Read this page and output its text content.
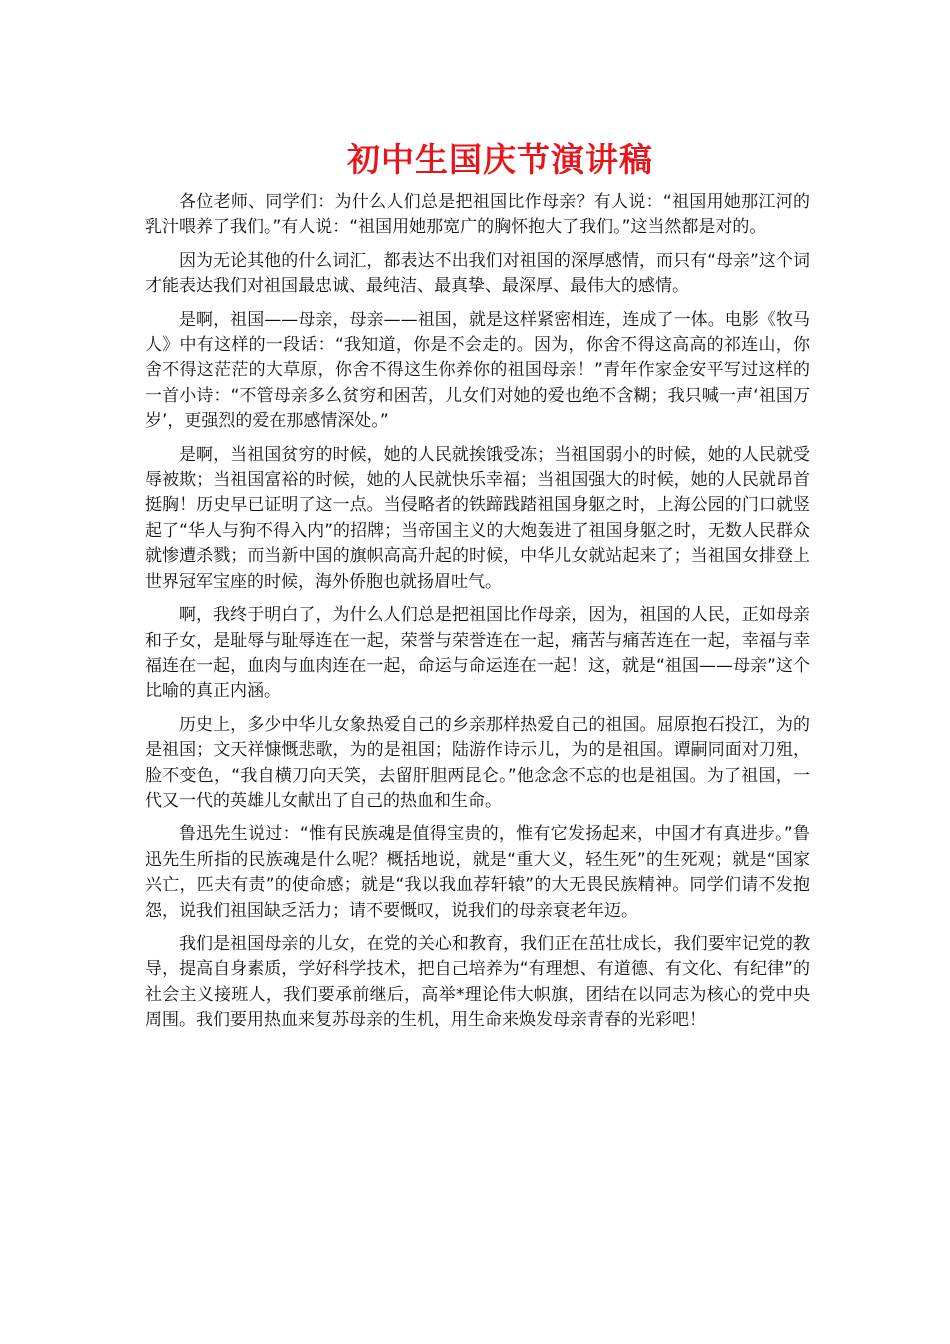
初中生国庆节演讲稿

各位老师、同学们：为什么人们总是把祖国比作母亲？有人说：“祖国用她那江河的乳汁喂养了我们。”有人说：“祖国用她那宽广的胸怀抱大了我们。”这当然都是对的。

因为无论其他的什么词汇，都表达不出我们对祖国的深厚感情，而只有“母亲”这个词才能表达我们对祖国最忠诚、最纯洁、最真挚、最深厚、最伟大的感情。

是啊，祖国——母亲，母亲——祖国，就是这样紧密相连，连成了一体。电影《牧马人》中有这样的一段话：“我知道，你是不会走的。因为，你舍不得这高高的祁连山，你舍不得这茫茫的大草原，你舍不得这生你养你的祖国母亲！”青年作家金安平写过这样的一首小诗：“不管母亲多么贫穷和困苦，儿女们对她的爱也绝不含糊；我只喊一声‘祖国万岁’，更强烈的爱在那感情深处。”

是啊，当祖国贫穷的时候，她的人民就挨饿受冻；当祖国弱小的时候，她的人民就受辱被欺；当祖国富裕的时候，她的人民就快乐幸福；当祖国强大的时候，她的人民就昂首挺胸！历史早已证明了这一点。当侵略者的铁蹄践踏祖国身躯之时，上海公园的门口就竖起了“华人与狗不得入内”的招牌；当帝国主义的大炮轰进了祖国身躯之时，无数人民群众就惨遭杀戮；而当新中国的旗帜高高升起的时候，中华儿女就站起来了；当祖国女排登上世界冠军宝座的时候，海外侨胞也就扬眉吐气。

啊，我终于明白了，为什么人们总是把祖国比作母亲，因为，祖国的人民，正如母亲和子女，是耻辱与耻辱连在一起，荣誉与荣誉连在一起，痛苦与痛苦连在一起，幸福与幸福连在一起，血肉与血肉连在一起，命运与命运连在一起！这，就是“祖国——母亲”这个比喻的真正内涵。

历史上，多少中华儿女象热爱自己的乡亲那样热爱自己的祖国。屈原抱石投江，为的是祖国；文天祥慷慨悲歌，为的是祖国；陆游作诗示儿，为的是祖国。谭嗣同面对刀殂，脸不变色，“我自横刀向天笑，去留肝胆两昆仑。”他念念不忘的也是祖国。为了祖国，一代又一代的英雄儿女献出了自己的热血和生命。

鲁迅先生说过：“惟有民族魂是值得宝贵的，惟有它发扬起来，中国才有真进步。”鲁迅先生所指的民族魂是什么呢？概括地说，就是“重大义，轻生死”的生死观；就是“国家兴亡，匹夫有责”的使命感；就是“我以我血荐轩辕”的大无畏民族精神。同学们请不发抱怨，说我们祖国缺乏活力；请不要慨叹，说我们的母亲衰老年迈。

我们是祖国母亲的儿女，在党的关心和教育，我们正在茁壮成长，我们要牢记党的教导，提高自身素质，学好科学技术，把自己培养为“有理想、有道德、有文化、有纪律”的社会主义接班人，我们要承前继后，高举*理论伟大帜旗，团结在以同志为核心的党中央周围。我们要用热血来复苏母亲的生机，用生命来焕发母亲青春的光彩吧！
